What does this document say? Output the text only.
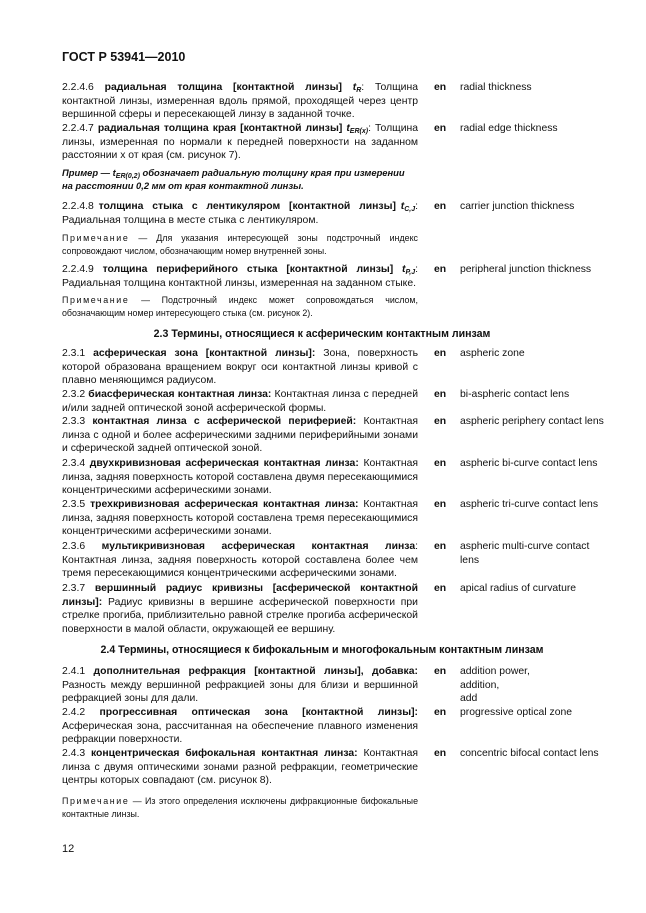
ГОСТ Р 53941—2010
2.2.4.6 радиальная толщина [контактной линзы] $t_R$: Толщина контактной линзы, измеренная вдоль прямой, проходящей через центр вершинной сферы и пересекающей линзу в заданной точке.
en radial thickness
2.2.4.7 радиальная толщина края [контактной линзы] $t_{ER(x)}$: Толщина линзы, измеренная по нормали к передней поверхности на заданном расстоянии x от края (см. рисунок 7).
en radial edge thickness
Пример — $t_{ER(0,2)}$ обозначает радиальную толщину края при измерении на расстоянии 0,2 мм от края контактной линзы.
2.2.4.8 толщина стыка с лентикуляром [контактной линзы] $t_{C,J}$: Радиальная толщина в месте стыка с лентикуляром.
en carrier junction thickness
Примечание — Для указания интересующей зоны подстрочный индекс сопровождают числом, обозначающим номер внутренней зоны.
2.2.4.9 толщина периферийного стыка [контактной линзы] $t_{P,J}$: Радиальная толщина контактной линзы, измеренная на заданном стыке.
en peripheral junction thickness
Примечание — Подстрочный индекс может сопровождаться числом, обозначающим номер интересующего стыка (см. рисунок 2).
2.3 Термины, относящиеся к асферическим контактным линзам
2.3.1 асферическая зона [контактной линзы]: Зона, поверхность которой образована вращением вокруг оси контактной линзы кривой с плавно меняющимся радиусом.
en aspheric zone
2.3.2 биасферическая контактная линза: Контактная линза с передней и/или задней оптической зоной асферической формы.
en bi-aspheric contact lens
2.3.3 контактная линза с асферической периферией: Контактная линза с одной и более асферическими задними периферийными зонами и сферической задней оптической зоной.
en aspheric periphery contact lens
2.3.4 двухкривизновая асферическая контактная линза: Контактная линза, задняя поверхность которой составлена двумя пересекающимися концентрическими асферическими зонами.
en aspheric bi-curve contact lens
2.3.5 трехкривизновая асферическая контактная линза: Контактная линза, задняя поверхность которой составлена тремя пересекающимися концентрическими асферическими зонами.
en aspheric tri-curve contact lens
2.3.6 мультикривизновая асферическая контактная линза: Контактная линза, задняя поверхность которой составлена более чем тремя пересекающимися концентрическими асферическими зонами.
en aspheric multi-curve contact lens
2.3.7 вершинный радиус кривизны [асферической контактной линзы]: Радиус кривизны в вершине асферической поверхности при стрелке прогиба, приблизительно равной стрелке прогиба асферической поверхности в малой области, окружающей ее вершину.
en apical radius of curvature
2.4 Термины, относящиеся к бифокальным и многофокальным контактным линзам
2.4.1 дополнительная рефракция [контактной линзы], добавка: Разность между вершинной рефракцией зоны для близи и вершинной рефракцией зоны для дали.
en addition power,
addition,
add
2.4.2 прогрессивная оптическая зона [контактной линзы]: Асферическая зона, рассчитанная на обеспечение плавного изменения рефракции поверхности.
en progressive optical zone
2.4.3 концентрическая бифокальная контактная линза: Контактная линза с двумя оптическими зонами разной рефракции, геометрические центры которых совпадают (см. рисунок 8).
en concentric bifocal contact lens
Примечание — Из этого определения исключены дифракционные бифокальные контактные линзы.
12
